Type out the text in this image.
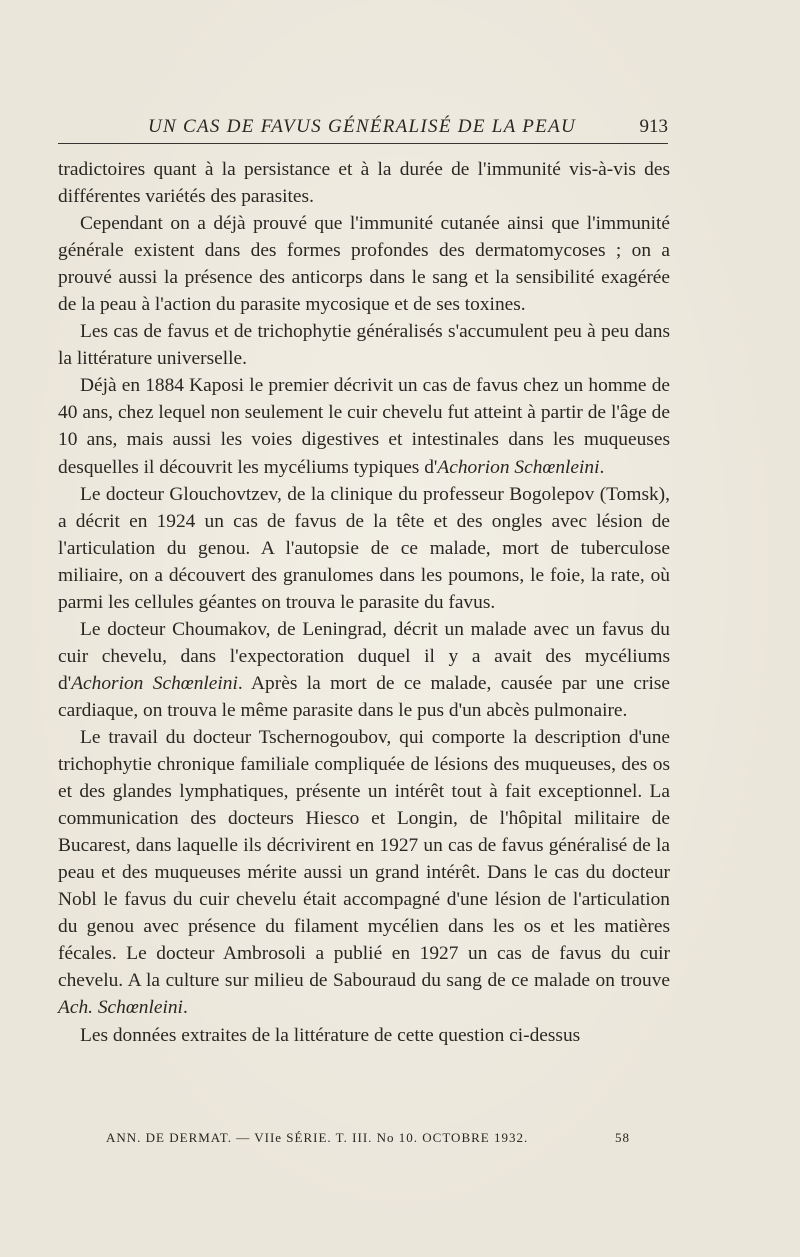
UN CAS DE FAVUS GÉNÉRALISÉ DE LA PEAU	913

tradictoires quant à la persistance et à la durée de l'immunité vis-à-vis des différentes variétés des parasites.

Cependant on a déjà prouvé que l'immunité cutanée ainsi que l'immunité générale existent dans des formes profondes des dermatomycoses ; on a prouvé aussi la présence des anticorps dans le sang et la sensibilité exagérée de la peau à l'action du parasite mycosique et de ses toxines.

Les cas de favus et de trichophytie généralisés s'accumulent peu à peu dans la littérature universelle.

Déjà en 1884 Kaposi le premier décrivit un cas de favus chez un homme de 40 ans, chez lequel non seulement le cuir chevelu fut atteint à partir de l'âge de 10 ans, mais aussi les voies digestives et intestinales dans les muqueuses desquelles il découvrit les mycéliums typiques d'Achorion Schœnleini.

Le docteur Glouchovtzev, de la clinique du professeur Bogolepov (Tomsk), a décrit en 1924 un cas de favus de la tête et des ongles avec lésion de l'articulation du genou. A l'autopsie de ce malade, mort de tuberculose miliaire, on a découvert des granulomes dans les poumons, le foie, la rate, où parmi les cellules géantes on trouva le parasite du favus.

Le docteur Choumakov, de Leningrad, décrit un malade avec un favus du cuir chevelu, dans l'expectoration duquel il y a avait des mycéliums d'Achorion Schœnleini. Après la mort de ce malade, causée par une crise cardiaque, on trouva le même parasite dans le pus d'un abcès pulmonaire.

Le travail du docteur Tschernogoubov, qui comporte la description d'une trichophytie chronique familiale compliquée de lésions des muqueuses, des os et des glandes lymphatiques, présente un intérêt tout à fait exceptionnel. La communication des docteurs Hiesco et Longin, de l'hôpital militaire de Bucarest, dans laquelle ils décrivirent en 1927 un cas de favus généralisé de la peau et des muqueuses mérite aussi un grand intérêt. Dans le cas du docteur Nobl le favus du cuir chevelu était accompagné d'une lésion de l'articulation du genou avec présence du filament mycélien dans les os et les matières fécales. Le docteur Ambrosoli a publié en 1927 un cas de favus du cuir chevelu. A la culture sur milieu de Sabouraud du sang de ce malade on trouve Ach. Schœnleini.

Les données extraites de la littérature de cette question ci-dessus

ANN. DE DERMAT. — VIIe SÉRIE. T. III. No 10. OCTOBRE 1932.	58
